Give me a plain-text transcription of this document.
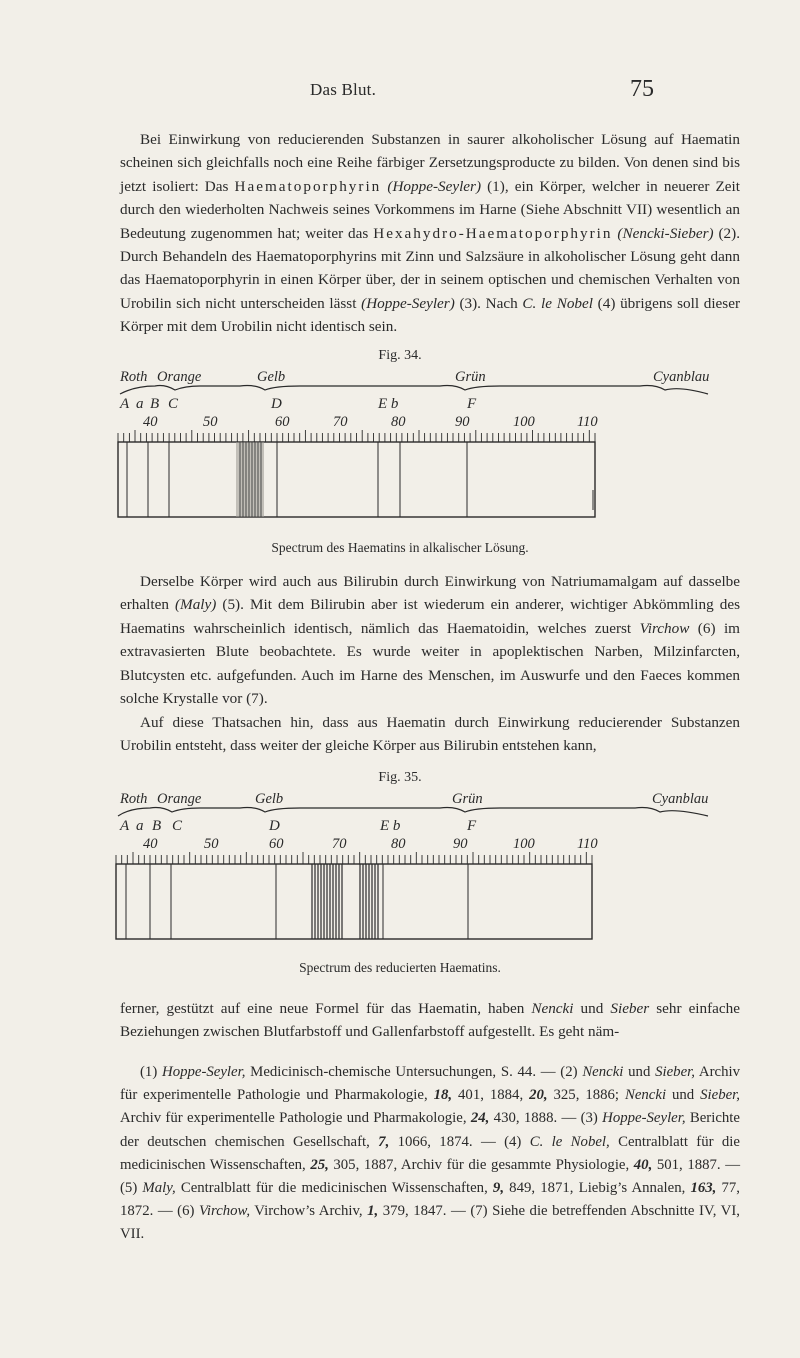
Das Blut.	75

Bei Einwirkung von reducierenden Substanzen in saurer alkoholischer Lösung auf Haematin scheinen sich gleichfalls noch eine Reihe färbiger Zersetzungsproducte zu bilden. Von denen sind bis jetzt isoliert: Das Haematoporphyrin (Hoppe-Seyler) (1), ein Körper, welcher in neuerer Zeit durch den wiederholten Nachweis seines Vorkommens im Harne (Siehe Abschnitt VII) wesentlich an Bedeutung zugenommen hat; weiter das Hexahydro-Haematoporphyrin (Nencki-Sieber) (2). Durch Behandeln des Haematoporphyrins mit Zinn und Salzsäure in alkoholischer Lösung geht dann das Haematoporphyrin in einen Körper über, der in seinem optischen und chemischen Verhalten von Urobilin sich nicht unterscheiden lässt (Hoppe-Seyler) (3). Nach C. le Nobel (4) übrigens soll dieser Körper mit dem Urobilin nicht identisch sein.

Fig. 34.
Roth Orange	Gelb	Grün	Cyanblau
A a B C	D	E b	F
40	50	60	70	80	90	100	110
Spectrum des Haematins in alkalischer Lösung.

Derselbe Körper wird auch aus Bilirubin durch Einwirkung von Natriumamalgam auf dasselbe erhalten (Maly) (5). Mit dem Bilirubin aber ist wiederum ein anderer, wichtiger Abkömmling des Haematins wahrscheinlich identisch, nämlich das Haematoidin, welches zuerst Virchow (6) im extravasierten Blute beobachtete. Es wurde weiter in apoplektischen Narben, Milzinfarcten, Blutcysten etc. aufgefunden. Auch im Harne des Menschen, im Auswurfe und den Faeces kommen solche Krystalle vor (7).

Auf diese Thatsachen hin, dass aus Haematin durch Einwirkung reducierender Substanzen Urobilin entsteht, dass weiter der gleiche Körper aus Bilirubin entstehen kann,

Fig. 35.
Roth Orange	Gelb	Grün	Cyanblau
A a B C	D	E b	F
40	50	60	70	80	90	100	110
Spectrum des reducierten Haematins.

ferner, gestützt auf eine neue Formel für das Haematin, haben Nencki und Sieber sehr einfache Beziehungen zwischen Blutfarbstoff und Gallenfarbstoff aufgestellt. Es geht näm-

(1) Hoppe-Seyler, Medicinisch-chemische Untersuchungen, S. 44. — (2) Nencki und Sieber, Archiv für experimentelle Pathologie und Pharmakologie, 18, 401, 1884, 20, 325, 1886; Nencki und Sieber, Archiv für experimentelle Pathologie und Pharmakologie, 24, 430, 1888. — (3) Hoppe-Seyler, Berichte der deutschen chemischen Gesellschaft, 7, 1066, 1874. — (4) C. le Nobel, Centralblatt für die medicinischen Wissenschaften, 25, 305, 1887, Archiv für die gesammte Physiologie, 40, 501, 1887. — (5) Maly, Centralblatt für die medicinischen Wissenschaften, 9, 849, 1871, Liebig’s Annalen, 163, 77, 1872. — (6) Virchow, Virchow’s Archiv, 1, 379, 1847. — (7) Siehe die betreffenden Abschnitte IV, VI, VII.
